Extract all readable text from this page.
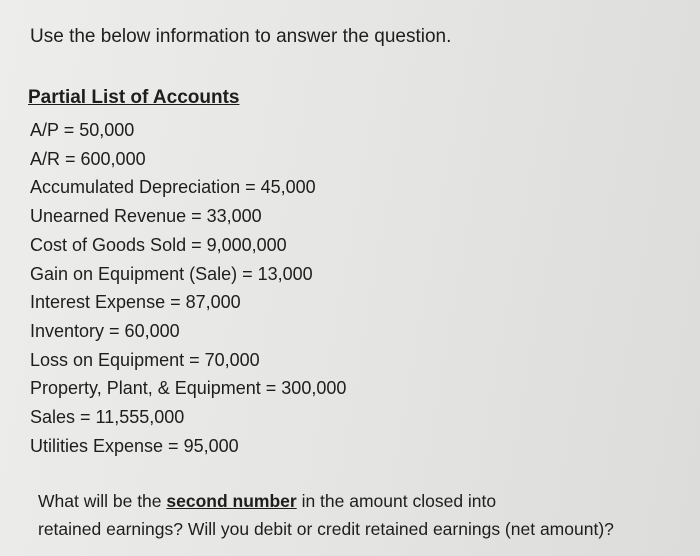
Use the below information to answer the question.

Partial List of Accounts
A/P = 50,000
A/R = 600,000
Accumulated Depreciation = 45,000
Unearned Revenue = 33,000
Cost of Goods Sold = 9,000,000
Gain on Equipment (Sale) = 13,000
Interest Expense = 87,000
Inventory = 60,000
Loss on Equipment = 70,000
Property, Plant, & Equipment = 300,000
Sales = 11,555,000
Utilities Expense = 95,000

What will be the second number in the amount closed into
retained earnings? Will you debit or credit retained earnings (net amount)?
